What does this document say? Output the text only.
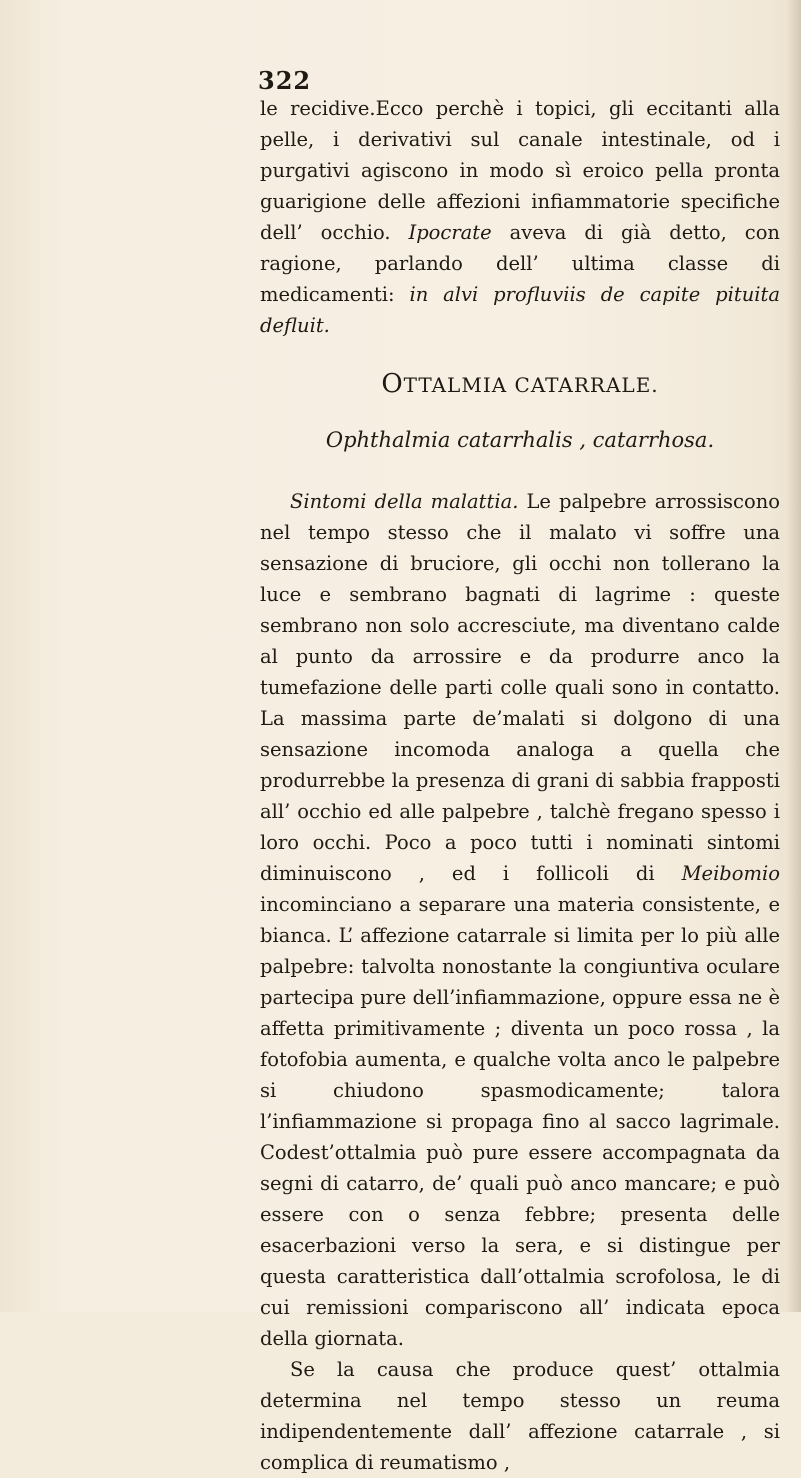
322

le recidive.Ecco perchè i topici, gli eccitanti alla pelle, i derivativi sul canale intestinale, od i purgativi agiscono in modo sì eroico pella pronta guarigione delle affezioni infiammatorie specifiche dell’ occhio. Ipocrate aveva di già detto, con ragione, parlando dell’ ultima classe di medicamenti: in alvi profluviis de capite pituita defluit.

OTTALMIA CATARRALE.
Ophthalmia catarrhalis , catarrhosa.

Sintomi della malattia. Le palpebre arrossiscono nel tempo stesso che il malato vi soffre una sensazione di bruciore, gli occhi non tollerano la luce e sembrano bagnati di lagrime : queste sembrano non solo accresciute, ma diventano calde al punto da arrossire e da produrre anco la tumefazione delle parti colle quali sono in contatto. La massima parte de’malati si dolgono di una sensazione incomoda analoga a quella che produrrebbe la presenza di grani di sabbia frapposti all’ occhio ed alle palpebre , talchè fregano spesso i loro occhi. Poco a poco tutti i nominati sintomi diminuiscono , ed i follicoli di Meibomio incominciano a separare una materia consistente, e bianca. L’ affezione catarrale si limita per lo più alle palpebre: talvolta nonostante la congiuntiva oculare partecipa pure dell’infiammazione, oppure essa ne è affetta primitivamente ; diventa un poco rossa , la fotofobia aumenta, e qualche volta anco le palpebre si chiudono spasmodicamente; talora l’infiammazione si propaga fino al sacco lagrimale. Codest’ottalmia può pure essere accompagnata da segni di catarro, de’ quali può anco mancare; e può essere con o senza febbre; presenta delle esacerbazioni verso la sera, e si distingue per questa caratteristica dall’ottalmia scrofolosa, le di cui remissioni compariscono all’ indicata epoca della giornata.

Se la causa che produce quest’ ottalmia determina nel tempo stesso un reuma indipendentemente dall’ affezione catarrale , si complica di reumatismo ,
